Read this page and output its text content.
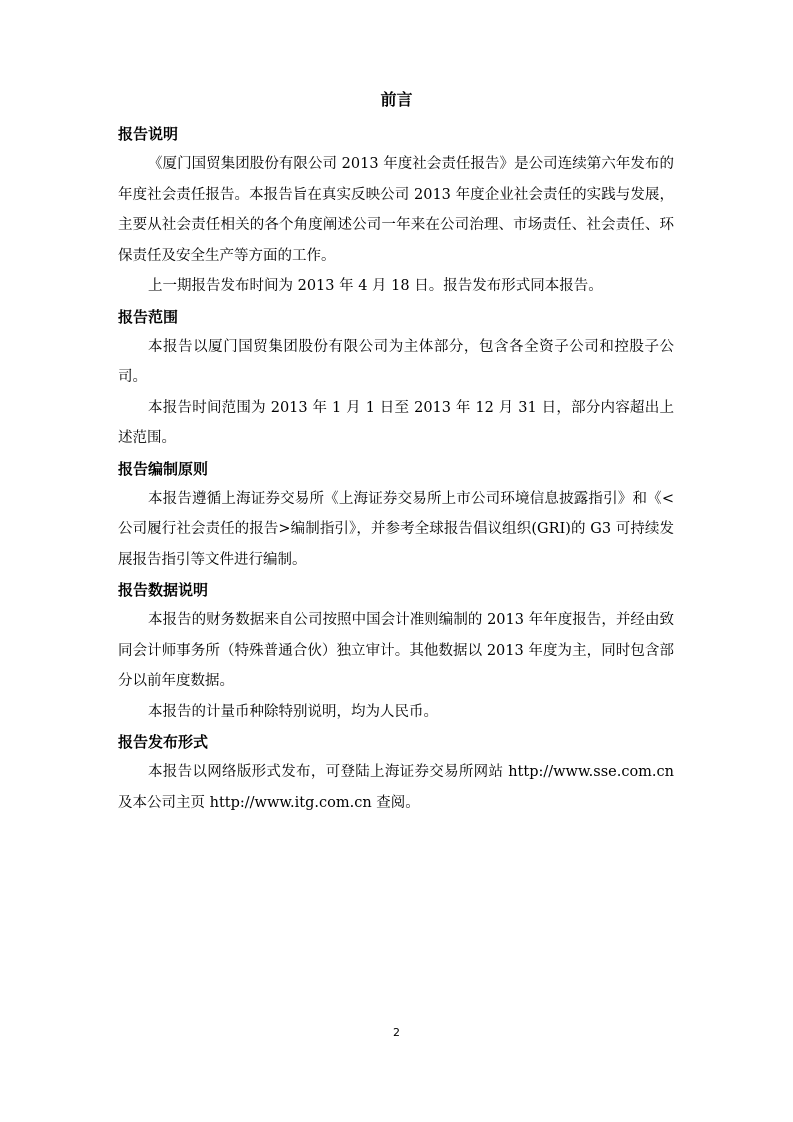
前言
报告说明

《厦门国贸集团股份有限公司 2013 年度社会责任报告》是公司连续第六年发布的年度社会责任报告。本报告旨在真实反映公司 2013 年度企业社会责任的实践与发展，主要从社会责任相关的各个角度阐述公司一年来在公司治理、市场责任、社会责任、环保责任及安全生产等方面的工作。

上一期报告发布时间为 2013 年 4 月 18 日。报告发布形式同本报告。

报告范围

本报告以厦门国贸集团股份有限公司为主体部分，包含各全资子公司和控股子公司。

本报告时间范围为 2013 年 1 月 1 日至 2013 年 12 月 31 日，部分内容超出上述范围。

报告编制原则

本报告遵循上海证券交易所《上海证券交易所上市公司环境信息披露指引》和《<公司履行社会责任的报告>编制指引》，并参考全球报告倡议组织(GRI)的 G3 可持续发展报告指引等文件进行编制。

报告数据说明

本报告的财务数据来自公司按照中国会计准则编制的 2013 年年度报告，并经由致同会计师事务所（特殊普通合伙）独立审计。其他数据以 2013 年度为主，同时包含部分以前年度数据。

本报告的计量币种除特别说明，均为人民币。

报告发布形式

本报告以网络版形式发布，可登陆上海证券交易所网站 http://www.sse.com.cn 及本公司主页 http://www.itg.com.cn 查阅。

2
